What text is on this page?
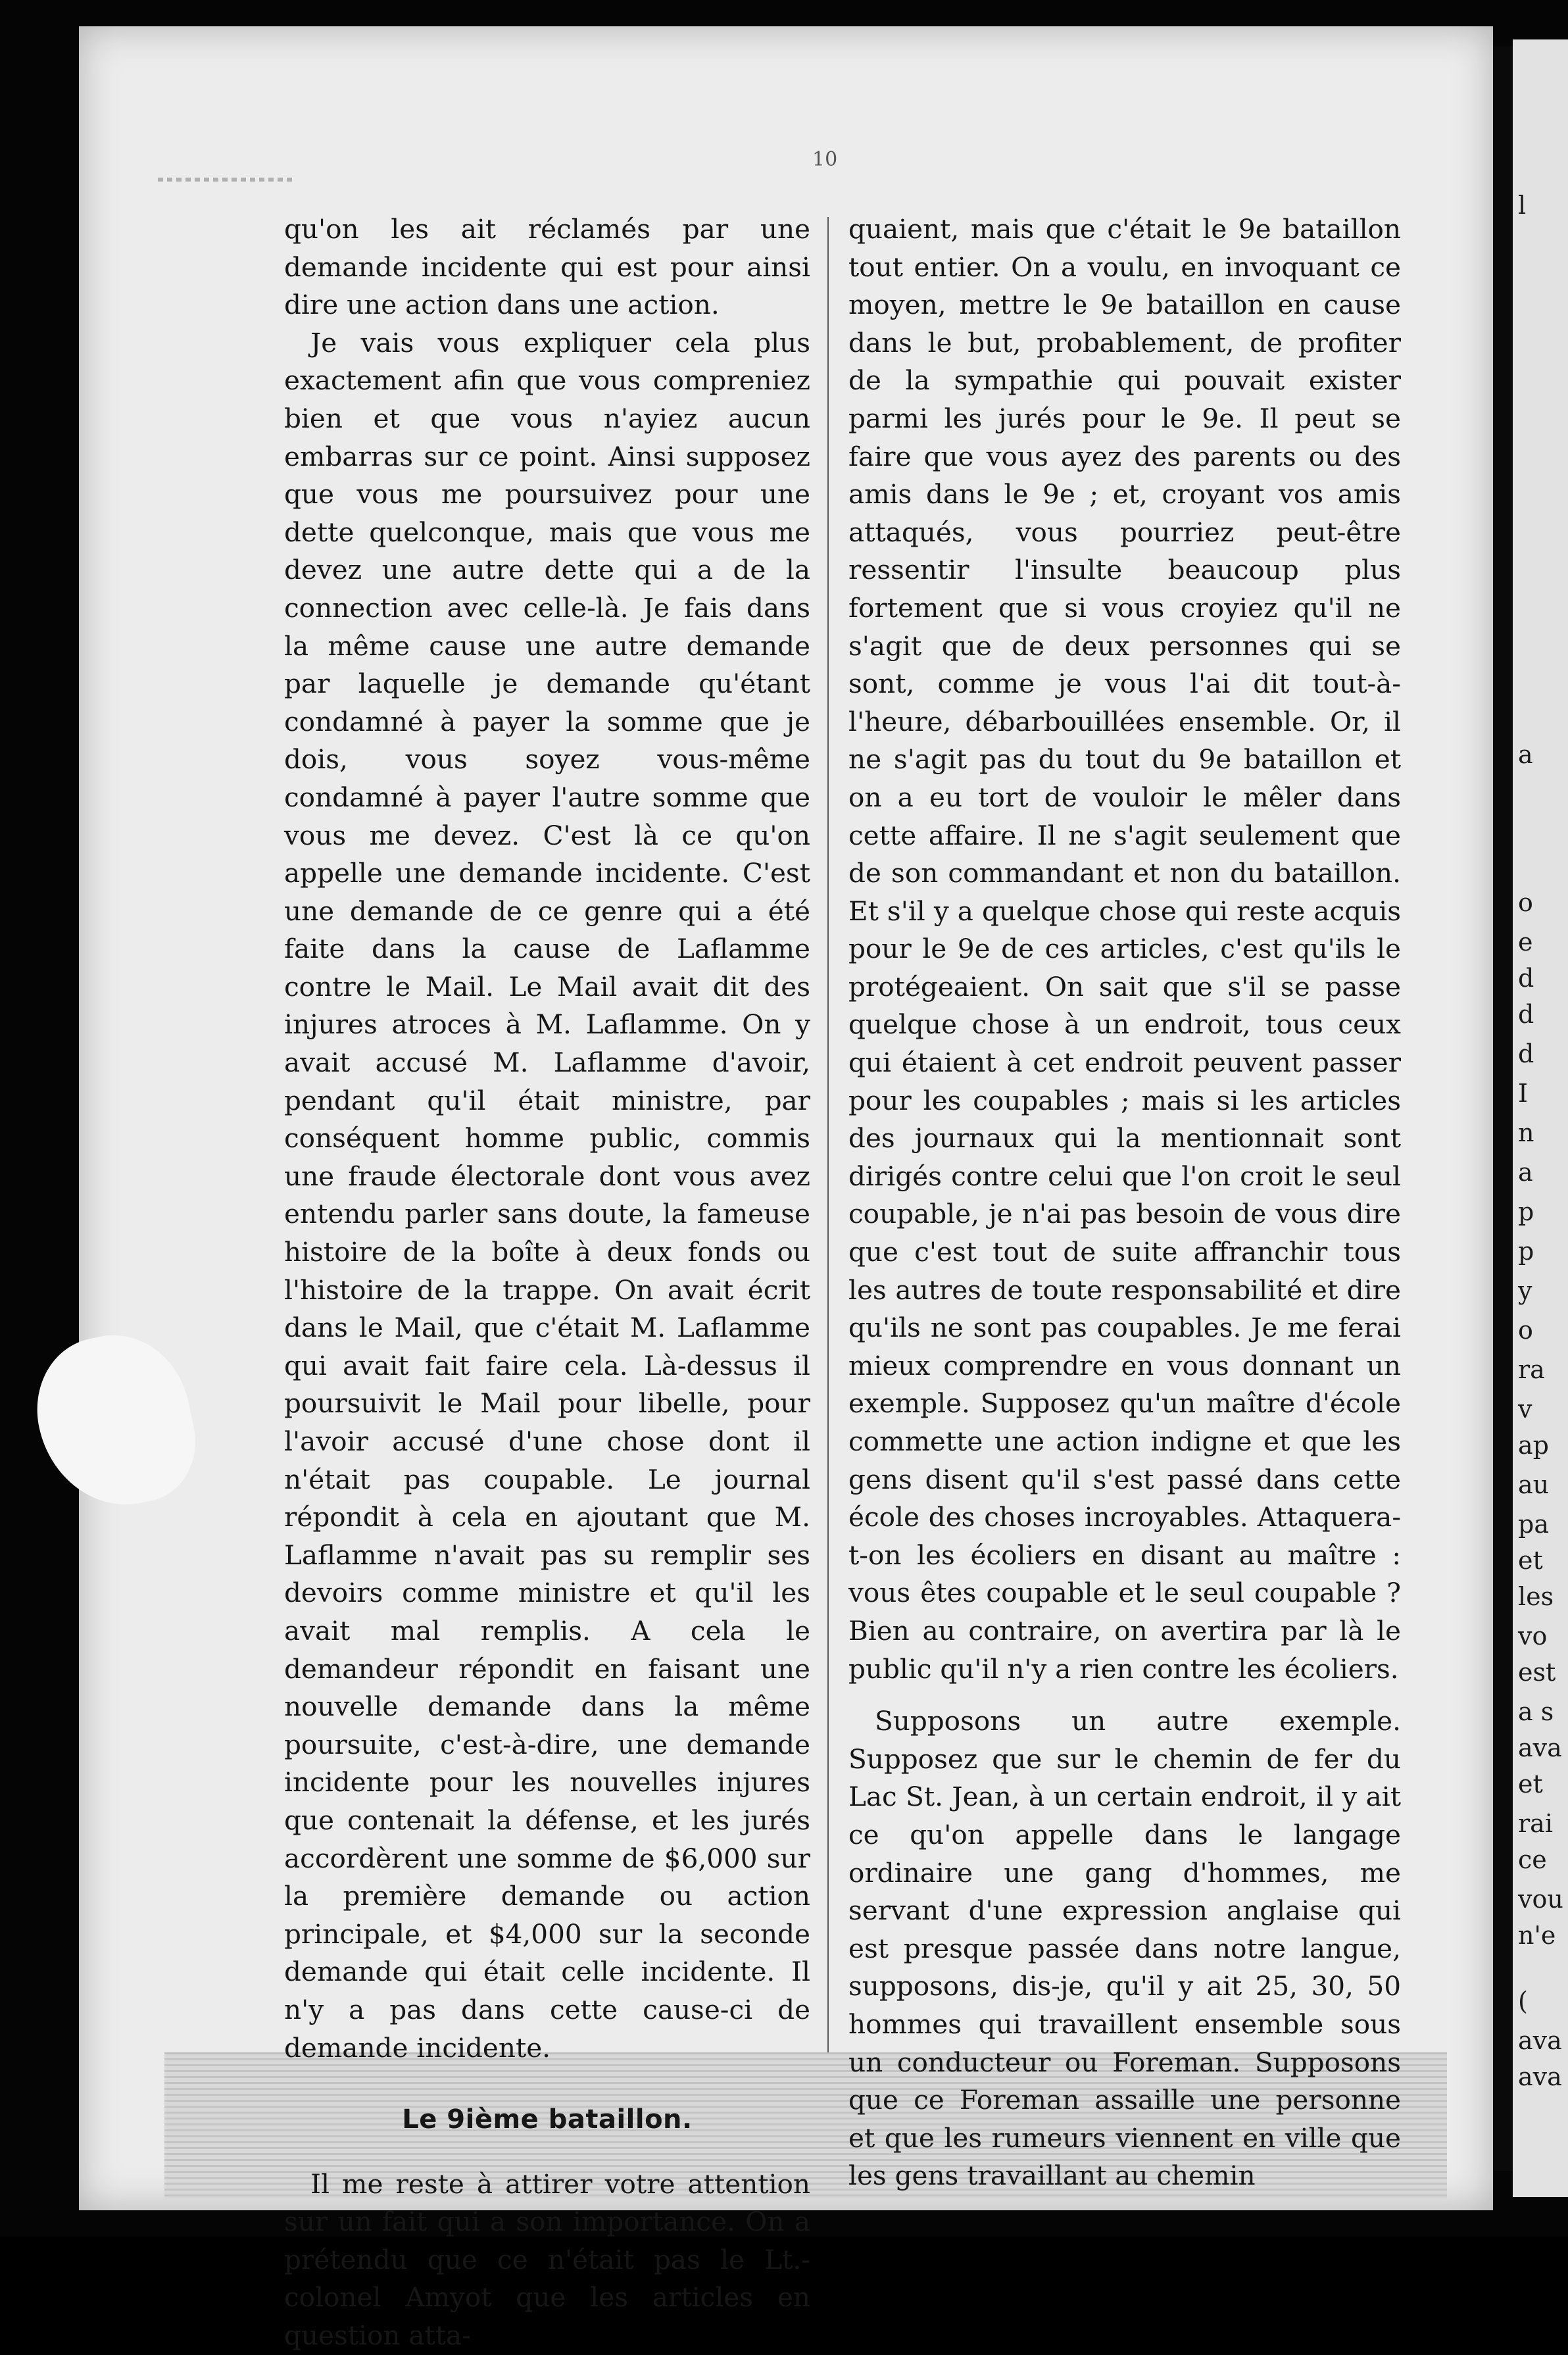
l
a
o
e
d
d
d
I
n
a
p
p
y
o
ra
v
ap
au
pa
et
les
vo
est
a s
ava
et
rai
ce
vou
n'e
(
ava
ava
10

qu'on les ait réclamés par une demande incidente qui est pour ainsi dire une action dans une action.

Je vais vous expliquer cela plus exactement afin que vous compreniez bien et que vous n'ayiez aucun embarras sur ce point. Ainsi supposez que vous me poursuivez pour une dette quelconque, mais que vous me devez une autre dette qui a de la connection avec celle-là. Je fais dans la même cause une autre demande par laquelle je demande qu'étant condamné à payer la somme que je dois, vous soyez vous-même condamné à payer l'autre somme que vous me devez. C'est là ce qu'on appelle une demande incidente. C'est une demande de ce genre qui a été faite dans la cause de Laflamme contre le Mail. Le Mail avait dit des injures atroces à M. Laflamme. On y avait accusé M. Laflamme d'avoir, pendant qu'il était ministre, par conséquent homme public, commis une fraude électorale dont vous avez entendu parler sans doute, la fameuse histoire de la boîte à deux fonds ou l'histoire de la trappe. On avait écrit dans le Mail, que c'était M. Laflamme qui avait fait faire cela. Là-dessus il poursuivit le Mail pour libelle, pour l'avoir accusé d'une chose dont il n'était pas coupable. Le journal répondit à cela en ajoutant que M. Laflamme n'avait pas su remplir ses devoirs comme ministre et qu'il les avait mal remplis. A cela le demandeur répondit en faisant une nouvelle demande dans la même poursuite, c'est-à-dire, une demande incidente pour les nouvelles injures que contenait la défense, et les jurés accordèrent une somme de $6,000 sur la première demande ou action principale, et $4,000 sur la seconde demande qui était celle incidente. Il n'y a pas dans cette cause-ci de demande incidente.

Le 9ième bataillon.

Il me reste à attirer votre attention sur un fait qui a son importance. On a prétendu que ce n'était pas le Lt.-colonel Amyot que les articles en question atta-

quaient, mais que c'était le 9e bataillon tout entier. On a voulu, en invoquant ce moyen, mettre le 9e bataillon en cause dans le but, probablement, de profiter de la sympathie qui pouvait exister parmi les jurés pour le 9e. Il peut se faire que vous ayez des parents ou des amis dans le 9e ; et, croyant vos amis attaqués, vous pourriez peut-être ressentir l'insulte beaucoup plus fortement que si vous croyiez qu'il ne s'agit que de deux personnes qui se sont, comme je vous l'ai dit tout-à-l'heure, débarbouillées ensemble. Or, il ne s'agit pas du tout du 9e bataillon et on a eu tort de vouloir le mêler dans cette affaire. Il ne s'agit seulement que de son commandant et non du bataillon. Et s'il y a quelque chose qui reste acquis pour le 9e de ces articles, c'est qu'ils le protégeaient. On sait que s'il se passe quelque chose à un endroit, tous ceux qui étaient à cet endroit peuvent passer pour les coupables ; mais si les articles des journaux qui la mentionnait sont dirigés contre celui que l'on croit le seul coupable, je n'ai pas besoin de vous dire que c'est tout de suite affranchir tous les autres de toute responsabilité et dire qu'ils ne sont pas coupables. Je me ferai mieux comprendre en vous donnant un exemple. Supposez qu'un maître d'école commette une action indigne et que les gens disent qu'il s'est passé dans cette école des choses incroyables. Attaquera-t-on les écoliers en disant au maître : vous êtes coupable et le seul coupable ? Bien au contraire, on avertira par là le public qu'il n'y a rien contre les écoliers.

Supposons un autre exemple. Supposez que sur le chemin de fer du Lac St. Jean, à un certain endroit, il y ait ce qu'on appelle dans le langage ordinaire une gang d'hommes, me servant d'une expression anglaise qui est presque passée dans notre langue, supposons, dis-je, qu'il y ait 25, 30, 50 hommes qui travaillent ensemble sous un conducteur ou Foreman. Supposons que ce Foreman assaille une personne et que les rumeurs viennent en ville que les gens travaillant au chemin
